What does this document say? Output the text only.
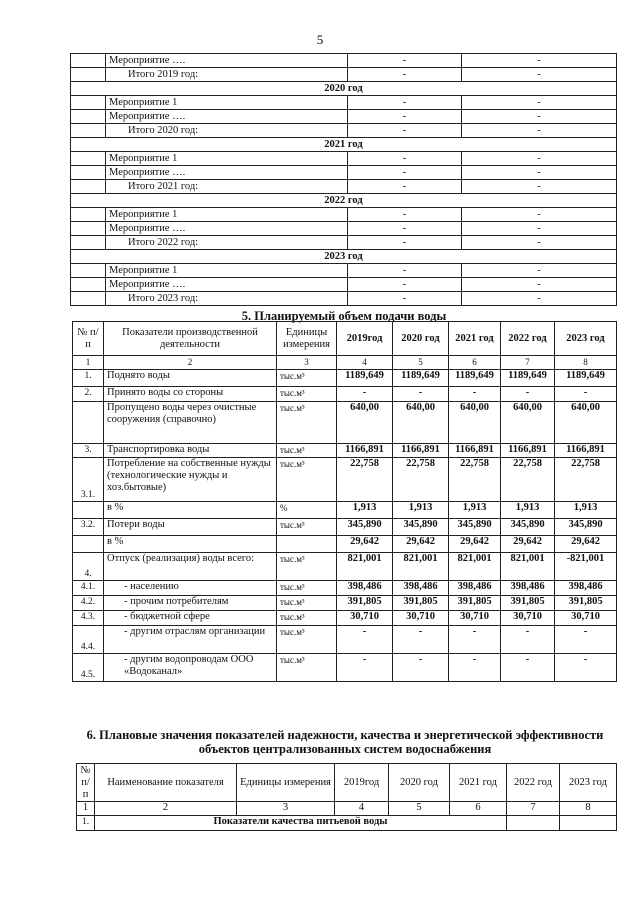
5
	Мероприятие ….	-	-
	Итого 2019 год:	-	-
2020 год			
	Мероприятие 1	-	-
	Мероприятие ….	-	-
	Итого 2020 год:	-	-
2021 год			
	Мероприятие 1	-	-
	Мероприятие ….	-	-
	Итого 2021 год:	-	-
2022 год			
	Мероприятие 1	-	-
	Мероприятие ….	-	-
	Итого 2022 год:	-	-
2023 год			
	Мероприятие 1	-	-
	Мероприятие ….	-	-
	Итого 2023 год:	-	-
5. Планируемый объем подачи воды
№ п/п	Показатели производственной деятельности	Единицы измерения	2019год	2020 год	2021 год	2022 год	2023 год
1	2	3	4	5	6	7	8
1.	Поднято воды	тыс.м³	1189,649	1189,649	1189,649	1189,649	1189,649
2.	Принято воды со стороны	тыс.м³	-	-	-	-	-
	Пропущено воды через очистные сооружения (справочно)	тыс.м³	640,00	640,00	640,00	640,00	640,00
3.	Транспортировка воды	тыс.м³	1166,891	1166,891	1166,891	1166,891	1166,891
3.1.	Потребление на собственные нужды (технологические нужды и хоз.бытовые)	тыс.м³	22,758	22,758	22,758	22,758	22,758
	в %	%	1,913	1,913	1,913	1,913	1,913
3.2.	Потери воды	тыс.м³	345,890	345,890	345,890	345,890	345,890
	в %		29,642	29,642	29,642	29,642	29,642
4.	Отпуск (реализация) воды всего:	тыс.м³	821,001	821,001	821,001	821,001	-821,001
4.1.	- населению	тыс.м³	398,486	398,486	398,486	398,486	398,486
4.2.	- прочим потребителям	тыс.м³	391,805	391,805	391,805	391,805	391,805
4.3.	- бюджетной сфере	тыс.м³	30,710	30,710	30,710	30,710	30,710
4.4.	- другим отраслям организации	тыс.м³	-	-	-	-	-
4.5.	- другим водопроводам ООО «Водоканал»	тыс.м³	-	-	-	-	-
6. Плановые значения показателей надежности, качества и энергетической эффективности объектов централизованных систем водоснабжения
№ п/ п	Наименование показателя	Единицы измерения	2019год	2020 год	2021 год	2022 год	2023 год
1	2	3	4	5	6	7	8
1.	Показатели качества питьевой воды						
